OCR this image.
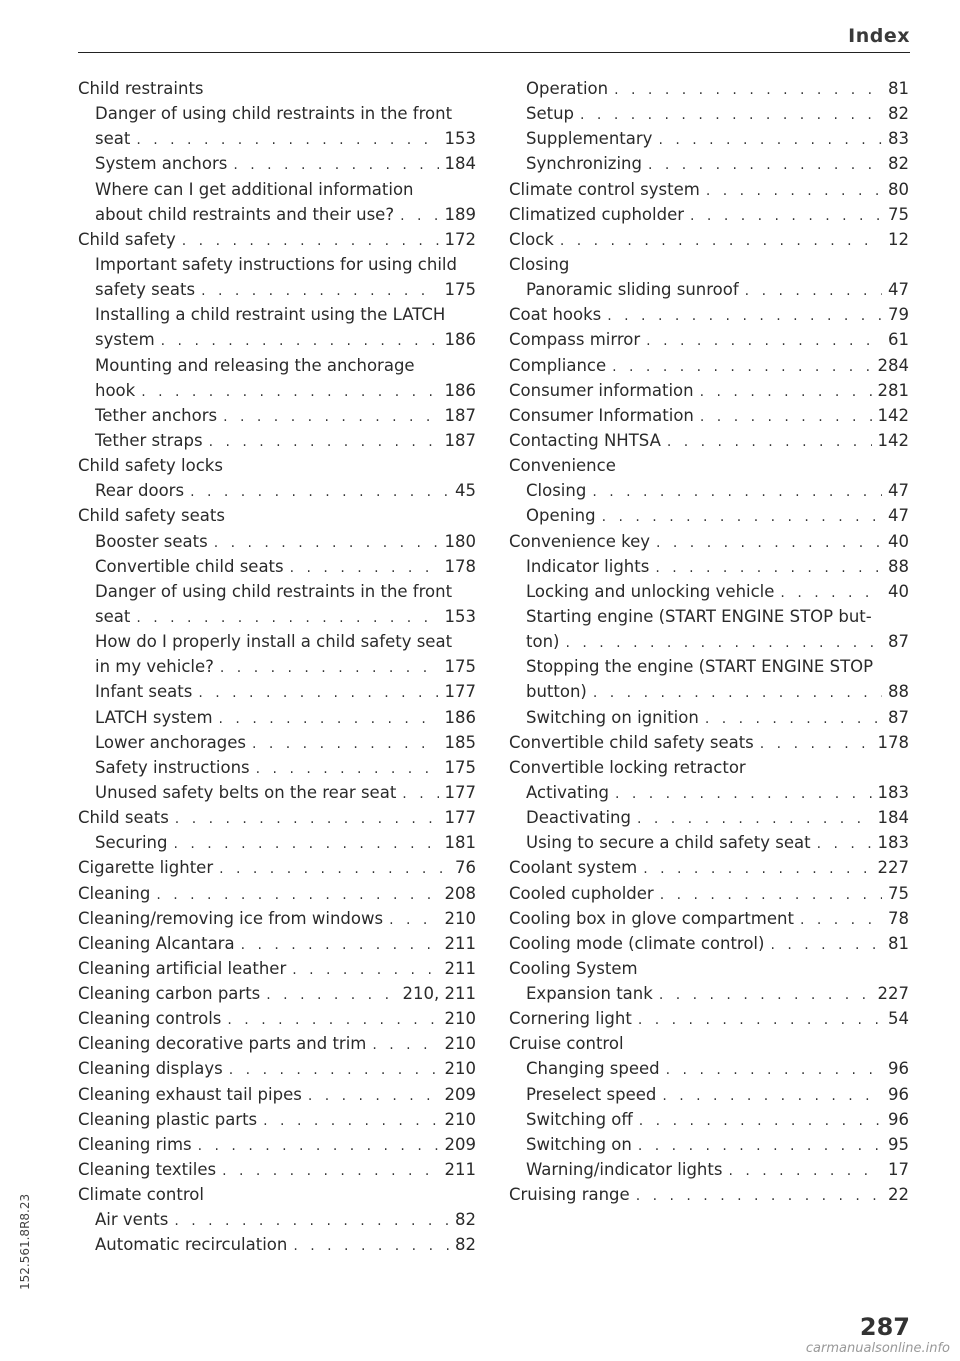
Index
Child restraints
Danger of using child restraints in the front
seat . . .	153
System anchors . . .	184
Where can I get additional information
about child restraints and their use? . . .	189
Child safety . . .	172
Important safety instructions for using child
safety seats . . .	175
Installing a child restraint using the LATCH
system . . .	186
Mounting and releasing the anchorage
hook . . .	186
Tether anchors . . .	187
Tether straps . . .	187
Child safety locks
Rear doors . . .	45
Child safety seats
Booster seats . . .	180
Convertible child seats . . .	178
Danger of using child restraints in the front
seat . . .	153
How do I properly install a child safety seat
in my vehicle? . . .	175
Infant seats . . .	177
LATCH system . . .	186
Lower anchorages . . .	185
Safety instructions . . .	175
Unused safety belts on the rear seat . . .	177
Child seats . . .	177
Securing . . .	181
Cigarette lighter . . .	76
Cleaning . . .	208
Cleaning/removing ice from windows . . .	210
Cleaning Alcantara . . .	211
Cleaning artificial leather . . .	211
Cleaning carbon parts . . .	210, 211
Cleaning controls . . .	210
Cleaning decorative parts and trim . . .	210
Cleaning displays . . .	210
Cleaning exhaust tail pipes . . .	209
Cleaning plastic parts . . .	210
Cleaning rims . . .	209
Cleaning textiles . . .	211
Climate control
Air vents . . .	82
Automatic recirculation . . .	82
Operation . . .	81
Setup . . .	82
Supplementary . . .	83
Synchronizing . . .	82
Climate control system . . .	80
Climatized cupholder . . .	75
Clock . . .	12
Closing
Panoramic sliding sunroof . . .	47
Coat hooks . . .	79
Compass mirror . . .	61
Compliance . . .	284
Consumer information . . .	281
Consumer Information . . .	142
Contacting NHTSA . . .	142
Convenience
Closing . . .	47
Opening . . .	47
Convenience key . . .	40
Indicator lights . . .	88
Locking and unlocking vehicle . . .	40
Starting engine (START ENGINE STOP but-
ton) . . .	87
Stopping the engine (START ENGINE STOP
button) . . .	88
Switching on ignition . . .	87
Convertible child safety seats . . .	178
Convertible locking retractor
Activating . . .	183
Deactivating . . .	184
Using to secure a child safety seat . . .	183
Coolant system . . .	227
Cooled cupholder . . .	75
Cooling box in glove compartment . . .	78
Cooling mode (climate control) . . .	81
Cooling System
Expansion tank . . .	227
Cornering light . . .	54
Cruise control
Changing speed . . .	96
Preselect speed . . .	96
Switching off . . .	96
Switching on . . .	95
Warning/indicator lights . . .	17
Cruising range . . .	22
152.561.8R8.23
287
carmanualsonline.info
